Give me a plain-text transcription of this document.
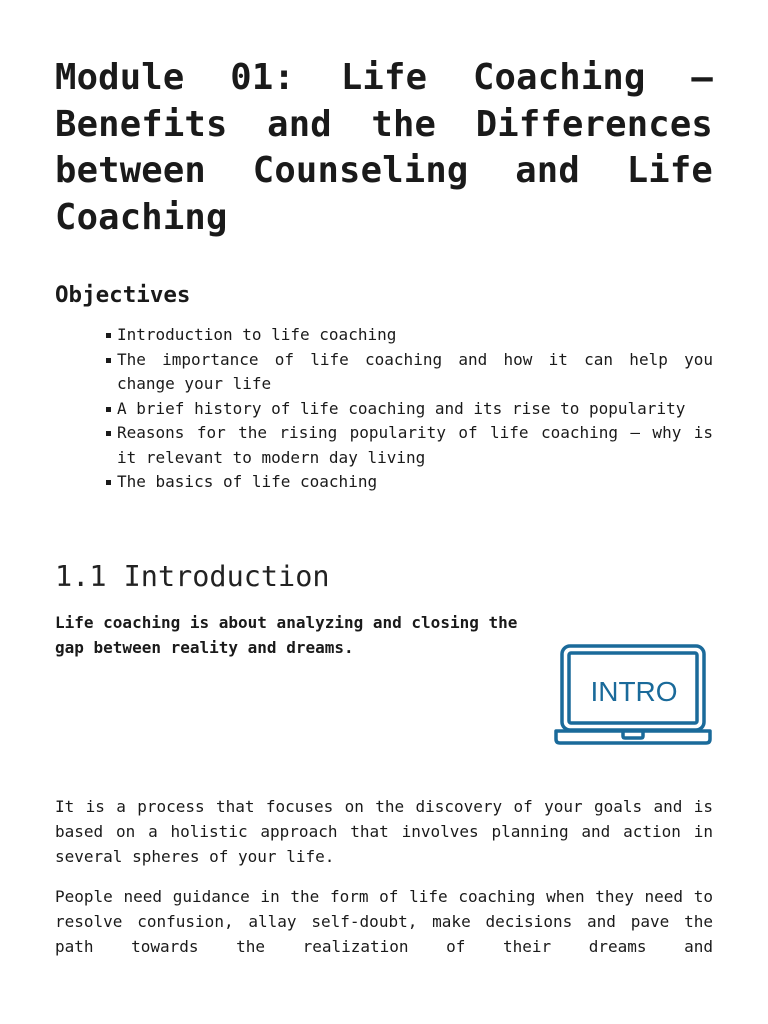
Module 01: Life Coaching – Benefits and the Differences between Counseling and Life Coaching
Objectives
Introduction to life coaching
The importance of life coaching and how it can help you change your life
A brief history of life coaching and its rise to popularity
Reasons for the rising popularity of life coaching – why is it relevant to modern day living
The basics of life coaching
1.1 Introduction

Life coaching is about analyzing and closing the gap between reality and dreams.

INTRO

It is a process that focuses on the discovery of your goals and is based on a holistic approach that involves planning and action in several spheres of your life.

People need guidance in the form of life coaching when they need to resolve confusion, allay self-doubt, make decisions and pave the path towards the realization of their dreams and
